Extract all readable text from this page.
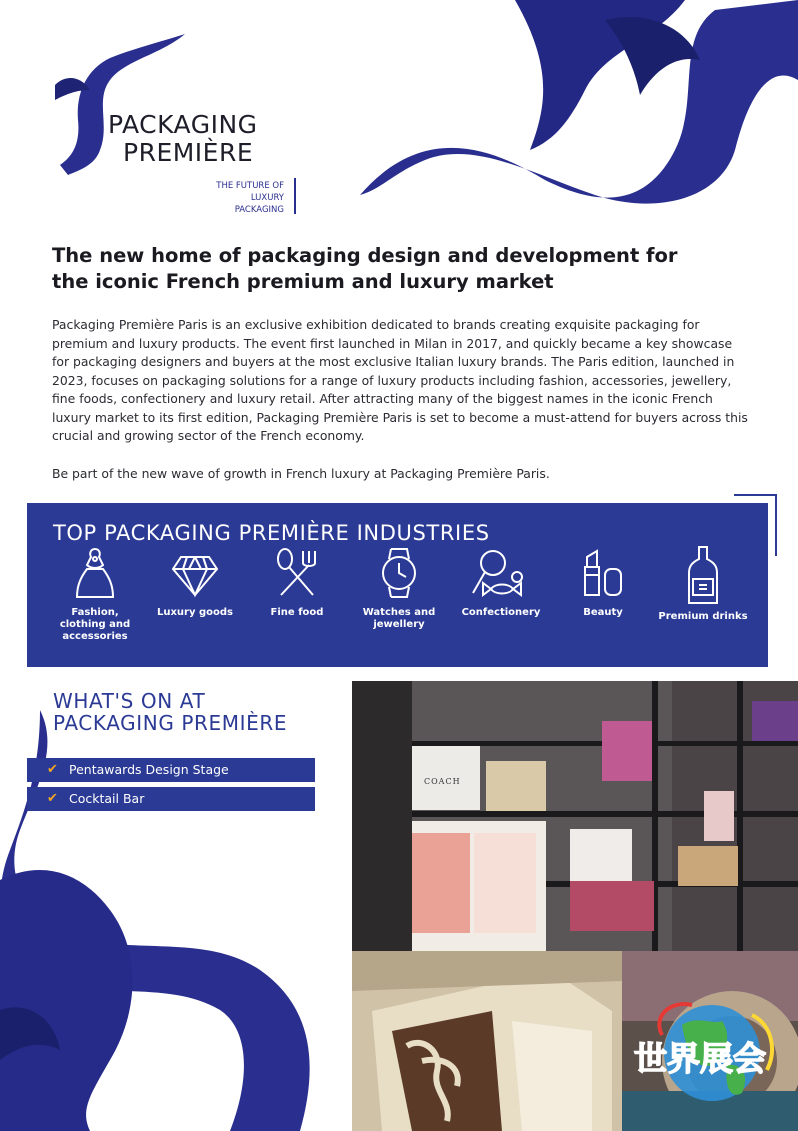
PACKAGING
PREMIÈRE
THE FUTURE OF
LUXURY
PACKAGING
The new home of packaging design and development for the iconic French premium and luxury market

Packaging Première Paris is an exclusive exhibition dedicated to brands creating exquisite packaging for premium and luxury products. The event first launched in Milan in 2017, and quickly became a key showcase for packaging designers and buyers at the most exclusive Italian luxury brands. The Paris edition, launched in 2023, focuses on packaging solutions for a range of luxury products including fashion, accessories, jewellery, fine foods, confectionery and luxury retail. After attracting many of the biggest names in the iconic French luxury market to its first edition, Packaging Première Paris is set to become a must-attend for buyers across this crucial and growing sector of the French economy.

Be part of the new wave of growth in French luxury at Packaging Première Paris.

TOP PACKAGING PREMIÈRE INDUSTRIES
Fashion, clothing and accessories
Luxury goods	Fine food	Watches and jewellery
Confectionery	Beauty	Premium drinks
WHAT'S ON AT
PACKAGING PREMIÈRE
✔ Pentawards Design Stage
✔ Cocktail Bar
COACH
世界展会
